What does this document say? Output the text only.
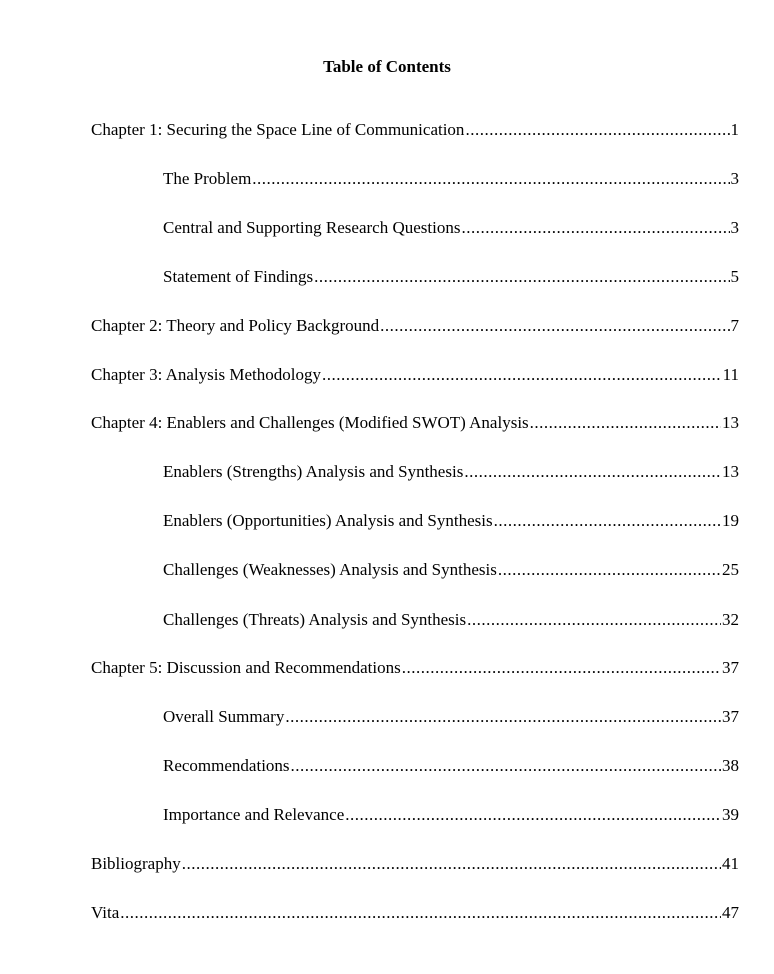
Table of Contents
Chapter 1: Securing the Space Line of Communication .....	1
The Problem .....	3
Central and Supporting Research Questions .....	3
Statement of Findings .....	5
Chapter 2: Theory and Policy Background .....	7
Chapter 3: Analysis Methodology .....	11
Chapter 4: Enablers and Challenges (Modified SWOT) Analysis .....	13
Enablers (Strengths) Analysis and Synthesis .....	13
Enablers (Opportunities) Analysis and Synthesis .....	19
Challenges (Weaknesses) Analysis and Synthesis .....	25
Challenges (Threats) Analysis and Synthesis .....	32
Chapter 5: Discussion and Recommendations .....	37
Overall Summary .....	37
Recommendations .....	38
Importance and Relevance .....	39
Bibliography .....	41
Vita .....	47
